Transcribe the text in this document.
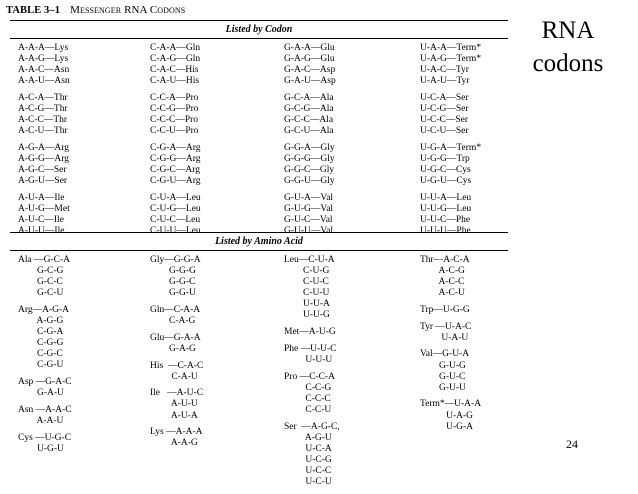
TABLE 3–1 Messenger RNA Codons
Listed by Codon
A-A-A—Lys
A-A-G—Lys
A-A-C—Asn
A-A-U—Asn
A-C-A—Thr
A-C-G—Thr
A-C-C—Thr
A-C-U—Thr
A-G-A—Arg
A-G-G—Arg
A-G-C—Ser
A-G-U—Ser
A-U-A—Ile
A-U-G—Met
A-U-C—Ile
A-U-U—Ile
C-A-A—Gln
C-A-G—Gln
C-A-C—His
C-A-U—His
C-C-A—Pro
C-C-G—Pro
C-C-C—Pro
C-C-U—Pro
C-G-A—Arg
C-G-G—Arg
C-G-C—Arg
C-G-U—Arg
C-U-A—Leu
C-U-G—Leu
C-U-C—Leu
C-U-U—Leu
G-A-A—Glu
G-A-G—Glu
G-A-C—Asp
G-A-U—Asp
G-C-A—Ala
G-C-G—Ala
G-C-C—Ala
G-C-U—Ala
G-G-A—Gly
G-G-G—Gly
G-G-C—Gly
G-G-U—Gly
G-U-A—Val
G-U-G—Val
G-U-C—Val
G-U-U—Val
U-A-A—Term*
U-A-G—Term*
U-A-C—Tyr
U-A-U—Tyr
U-C-A—Ser
U-C-G—Ser
U-C-C—Ser
U-C-U—Ser
U-G-A—Term*
U-G-G—Trp
U-G-C—Cys
U-G-U—Cys
U-U-A—Leu
U-U-G—Leu
U-U-C—Phe
U-U-U—Phe
Listed by Amino Acid
Ala —G-C-A
G-C-G
G-C-C
G-C-U
Arg—A-G-A
A-G-G
C-G-A
C-G-G
C-G-C
C-G-U
Asp —G-A-C
G-A-U
Asn —A-A-C
A-A-U
Cys —U-G-C
U-G-U
Gly—G-G-A
G-G-G
G-G-C
G-G-U
Gln—C-A-A
C-A-G
Glu—G-A-A
G-A-G
His  —C-A-C
C-A-U
Ile   —A-U-C
A-U-U
A-U-A
Lys —A-A-A
A-A-G
Leu—C-U-A
C-U-G
C-U-C
C-U-U
U-U-A
U-U-G
Met—A-U-G
Phe —U-U-C
U-U-U
Pro —C-C-A
C-C-G
C-C-C
C-C-U
Ser  —A-G-C,
A-G-U
U-C-A
U-C-G
U-C-C
U-C-U
Thr—A-C-A
A-C-G
A-C-C
A-C-U
Trp—U-G-G
Tyr —U-A-C
U-A-U
Val—G-U-A
G-U-G
G-U-C
G-U-U
Term*—U-A-A
U-A-G
U-G-A
RNA
codons
24
